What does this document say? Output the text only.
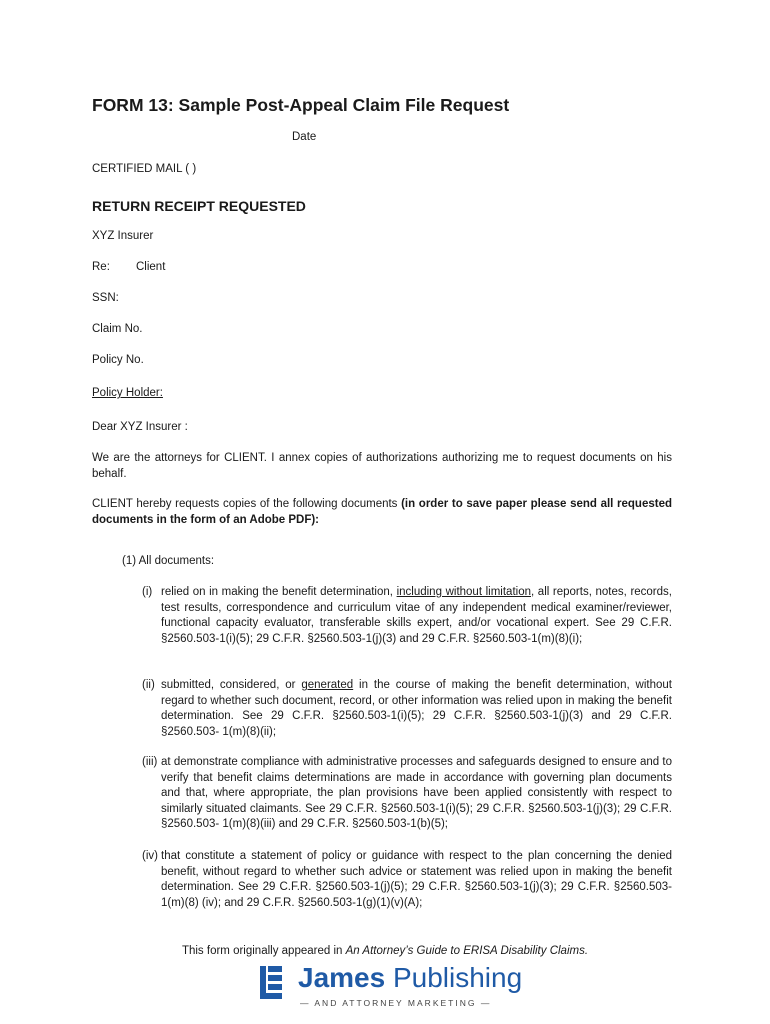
FORM 13: Sample Post-Appeal Claim File Request
Date
CERTIFIED MAIL ( )
RETURN RECEIPT REQUESTED
XYZ Insurer
Re: Client
SSN:
Claim No.
Policy No.
Policy Holder:
Dear XYZ Insurer :
We are the attorneys for CLIENT. I annex copies of authorizations authorizing me to request documents on his behalf.
CLIENT hereby requests copies of the following documents (in order to save paper please send all requested documents in the form of an Adobe PDF):
(1) All documents:
(i) relied on in making the benefit determination, including without limitation, all reports, notes, records, test results, correspondence and curriculum vitae of any independent medical examiner/reviewer, functional capacity evaluator, transferable skills expert, and/or vocational expert. See 29 C.F.R. §2560.503-1(i)(5); 29 C.F.R. §2560.503-1(j)(3) and 29 C.F.R. §2560.503-1(m)(8)(i);
(ii) submitted, considered, or generated in the course of making the benefit determination, without regard to whether such document, record, or other information was relied upon in making the benefit determination. See 29 C.F.R. §2560.503-1(i)(5); 29 C.F.R. §2560.503-1(j)(3) and 29 C.F.R. §2560.503- 1(m)(8)(ii);
(iii) at demonstrate compliance with administrative processes and safeguards designed to ensure and to verify that benefit claims determinations are made in accordance with governing plan documents and that, where appropriate, the plan provisions have been applied consistently with respect to similarly situated claimants. See 29 C.F.R. §2560.503-1(i)(5); 29 C.F.R. §2560.503-1(j)(3); 29 C.F.R. §2560.503- 1(m)(8)(iii) and 29 C.F.R. §2560.503-1(b)(5);
(iv) that constitute a statement of policy or guidance with respect to the plan concerning the denied benefit, without regard to whether such advice or statement was relied upon in making the benefit determination. See 29 C.F.R. §2560.503-1(j)(5); 29 C.F.R. §2560.503-1(j)(3); 29 C.F.R. §2560.503-1(m)(8) (iv); and 29 C.F.R. §2560.503-1(g)(1)(v)(A);
This form originally appeared in An Attorney’s Guide to ERISA Disability Claims.
James Publishing
— AND ATTORNEY MARKETING —
